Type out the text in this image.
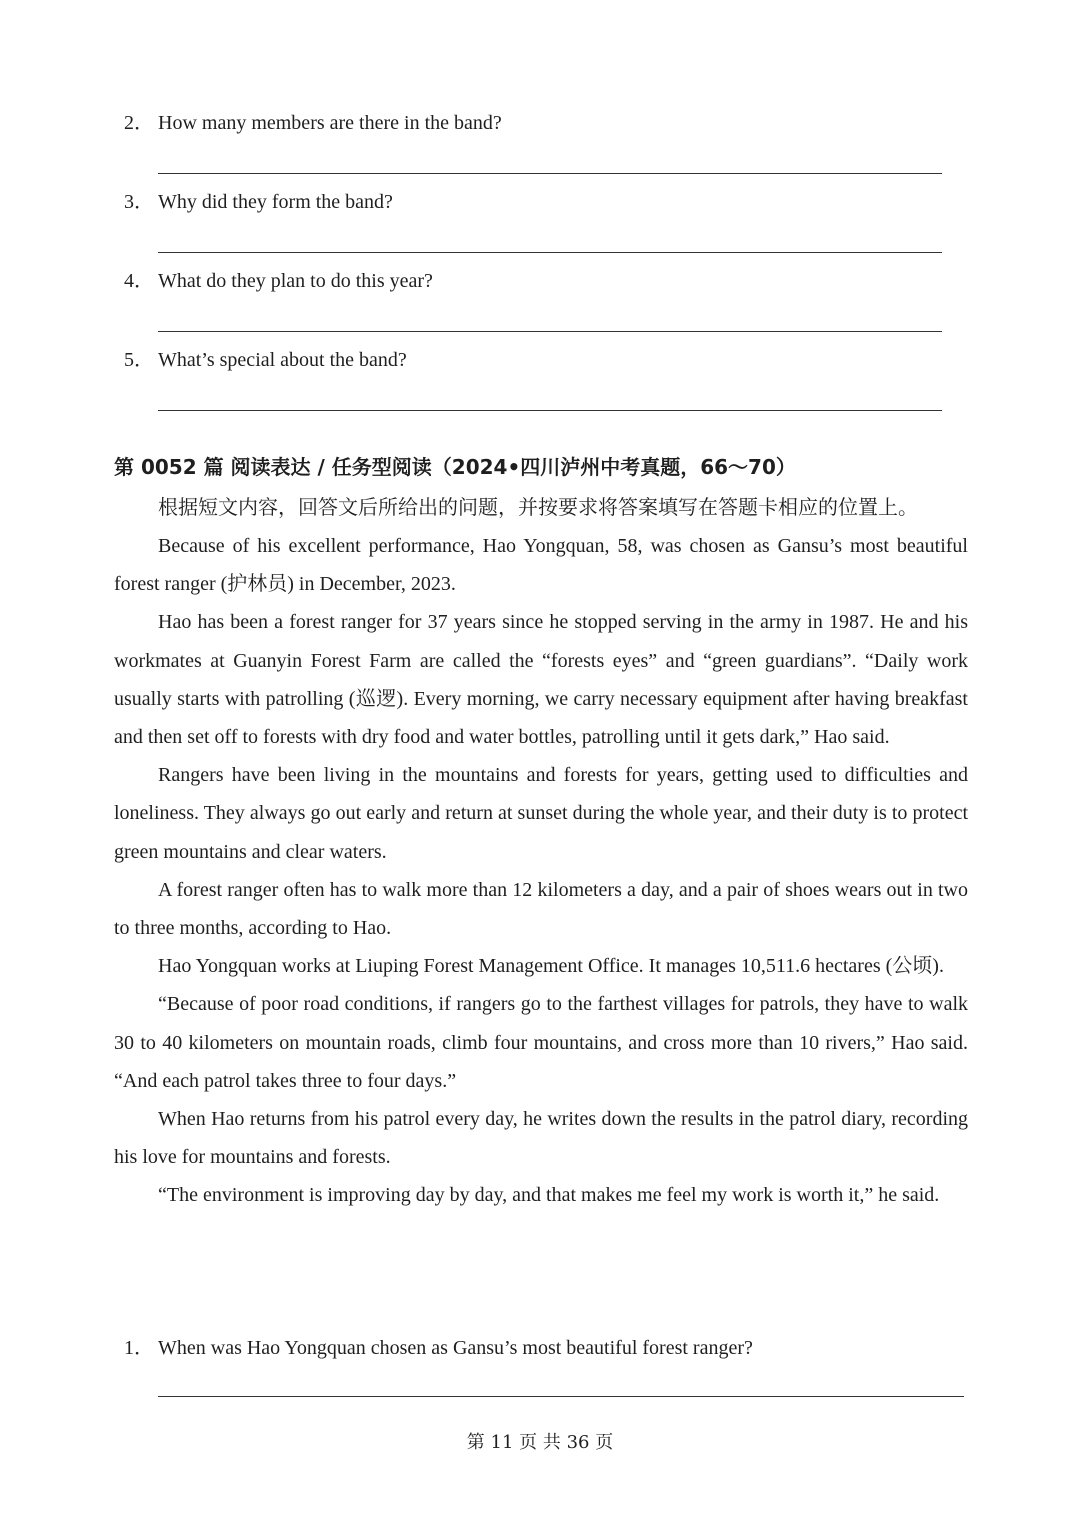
2． How many members are there in the band?
3． Why did they form the band?
4． What do they plan to do this year?
5． What’s special about the band?
第 0052 篇 阅读表达 / 任务型阅读（2024•四川泸州中考真题，66～70）
根据短文内容，回答文后所给出的问题，并按要求将答案填写在答题卡相应的位置上。

Because of his excellent performance, Hao Yongquan, 58, was chosen as Gansu’s most beautiful forest ranger (护林员) in December, 2023.

Hao has been a forest ranger for 37 years since he stopped serving in the army in 1987. He and his workmates at Guanyin Forest Farm are called the “forests eyes” and “green guardians”. “Daily work usually starts with patrolling (巡逻). Every morning, we carry necessary equipment after having breakfast and then set off to forests with dry food and water bottles, patrolling until it gets dark,” Hao said.

Rangers have been living in the mountains and forests for years, getting used to difficulties and loneliness. They always go out early and return at sunset during the whole year, and their duty is to protect green mountains and clear waters.

A forest ranger often has to walk more than 12 kilometers a day, and a pair of shoes wears out in two to three months, according to Hao.

Hao Yongquan works at Liuping Forest Management Office. It manages 10,511.6 hectares (公顷).

“Because of poor road conditions, if rangers go to the farthest villages for patrols, they have to walk 30 to 40 kilometers on mountain roads, climb four mountains, and cross more than 10 rivers,” Hao said. “And each patrol takes three to four days.”

When Hao returns from his patrol every day, he writes down the results in the patrol diary, recording his love for mountains and forests.

“The environment is improving day by day, and that makes me feel my work is worth it,” he said.

1． When was Hao Yongquan chosen as Gansu’s most beautiful forest ranger?
第 11 页 共 36 页
